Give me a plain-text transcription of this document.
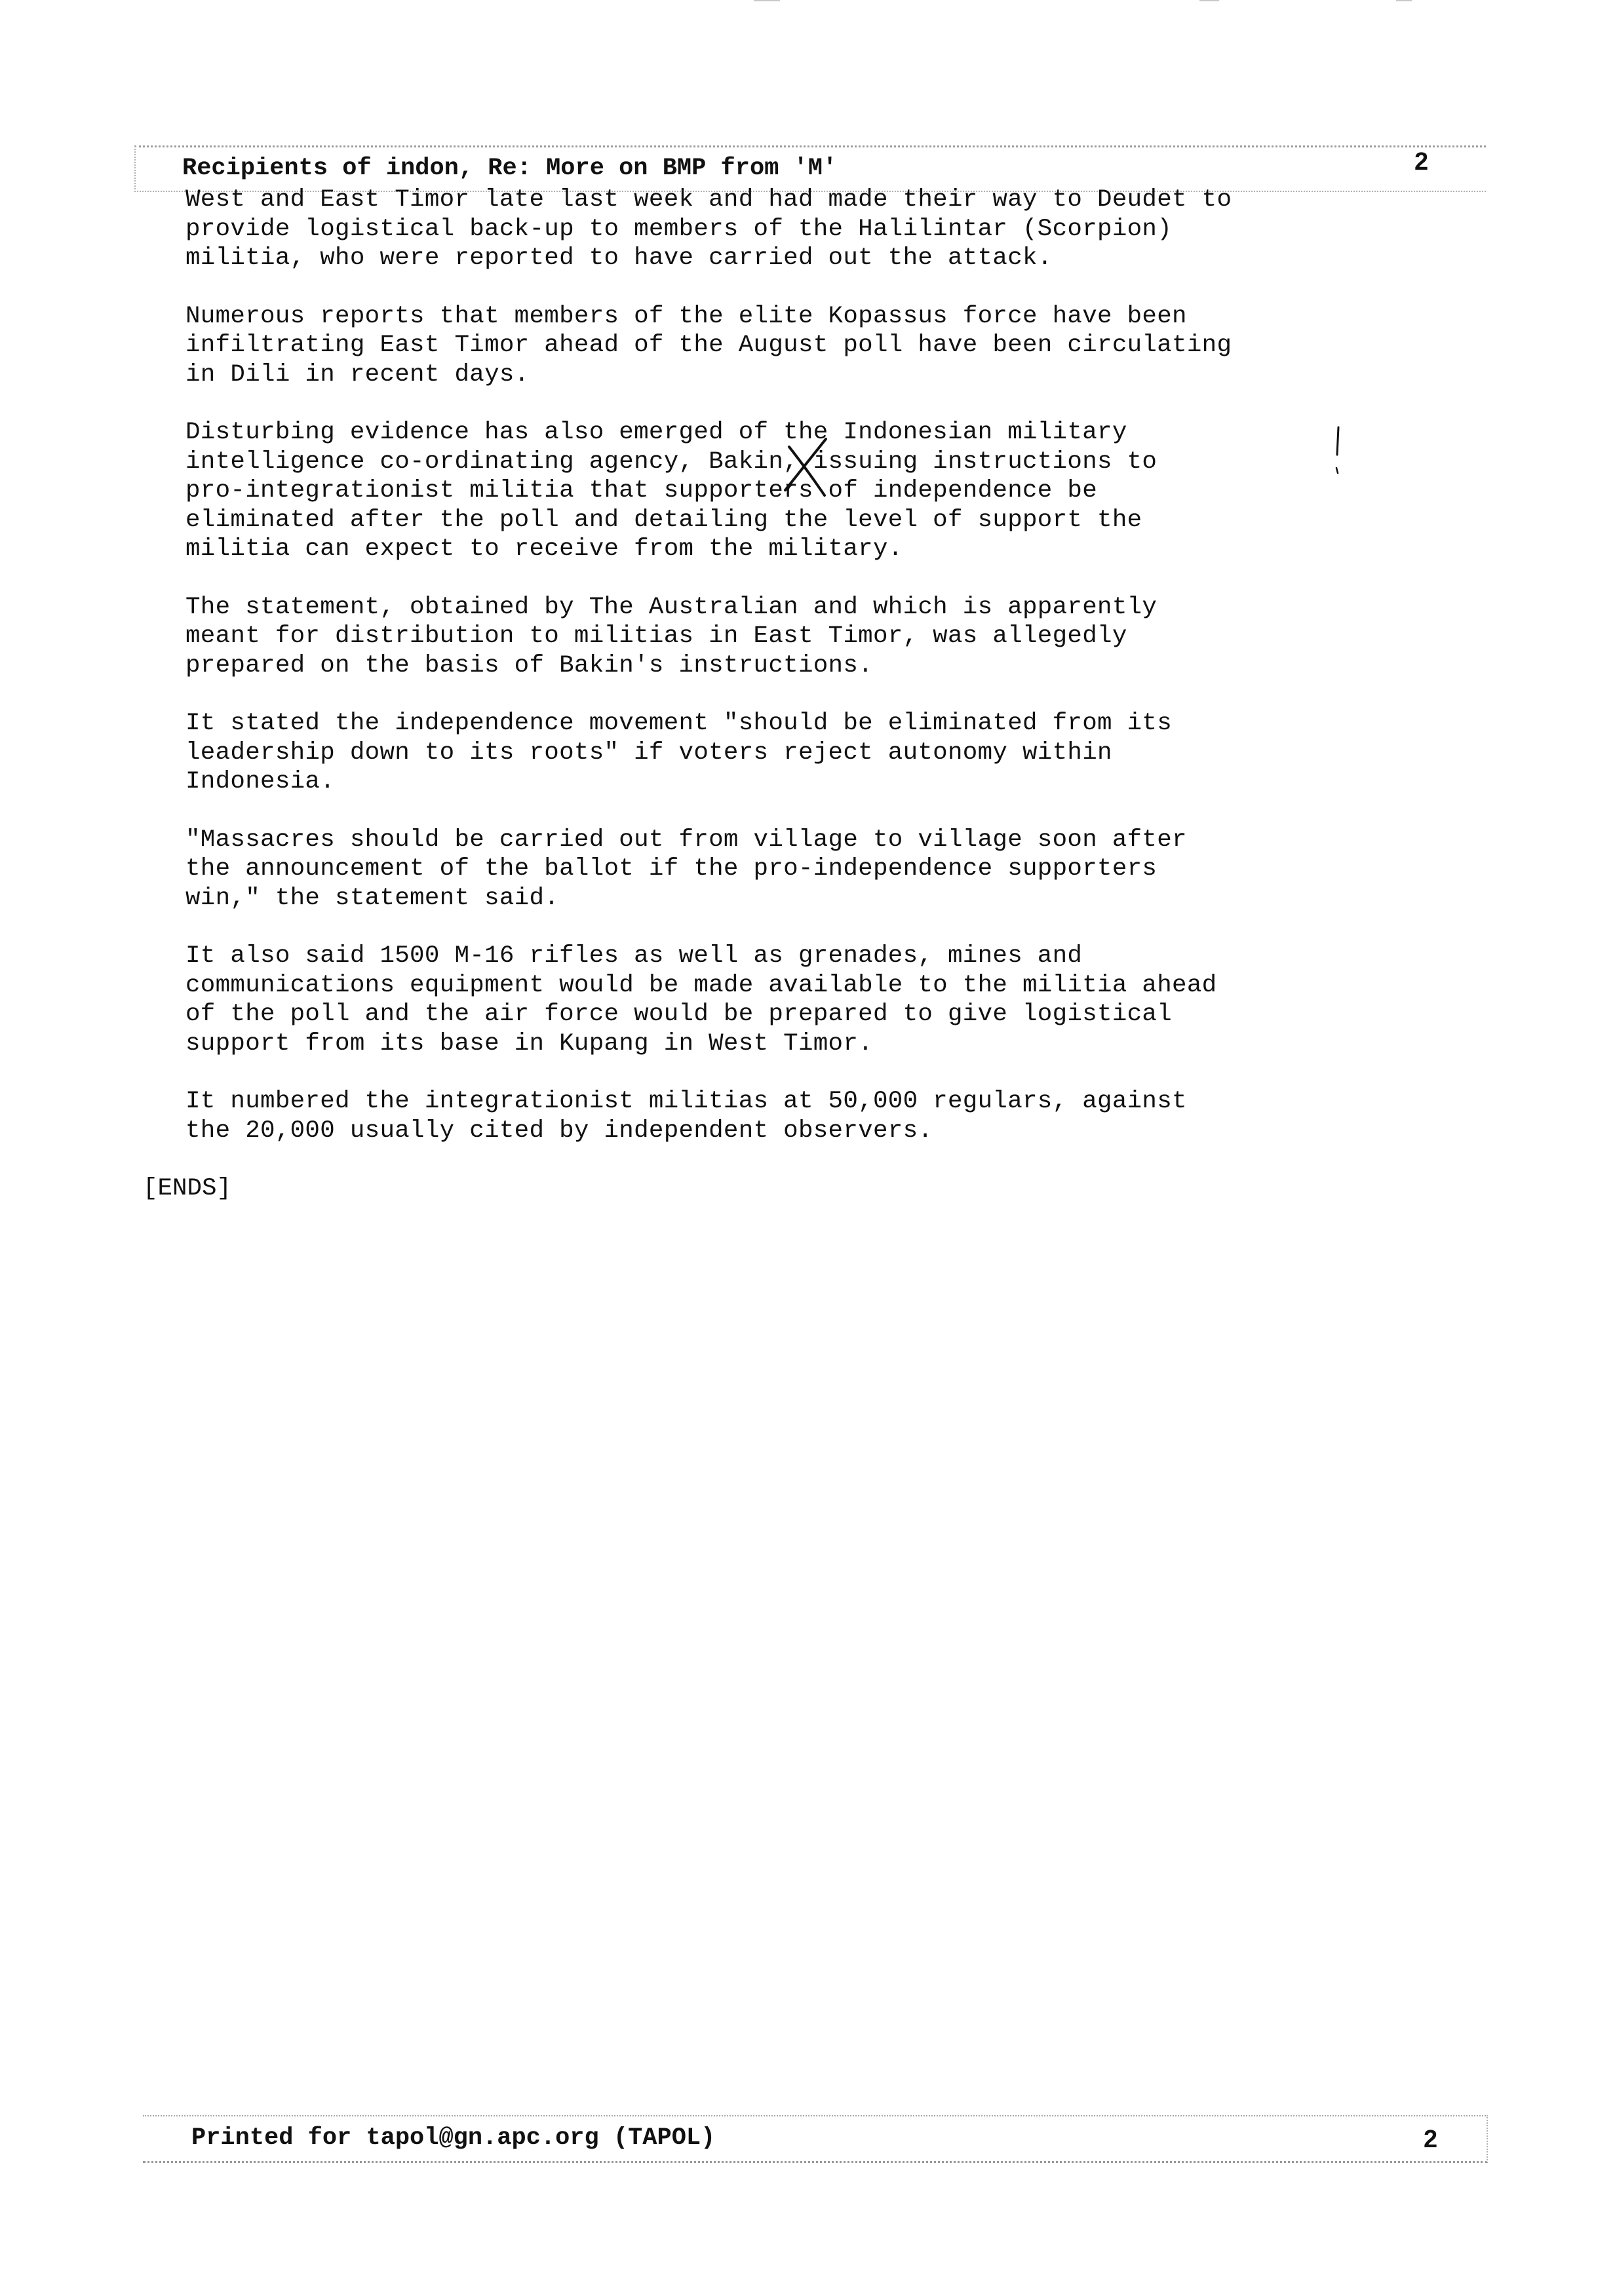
Recipients of indon, Re: More on BMP from 'M'	2

West and East Timor late last week and had made their way to Deudet to
provide logistical back-up to members of the Halilintar (Scorpion)
militia, who were reported to have carried out the attack.

Numerous reports that members of the elite Kopassus force have been
infiltrating East Timor ahead of the August poll have been circulating
in Dili in recent days.

Disturbing evidence has also emerged of the Indonesian military
intelligence co-ordinating agency, Bakin, issuing instructions to
pro-integrationist militia that supporters of independence be
eliminated after the poll and detailing the level of support the
militia can expect to receive from the military.

The statement, obtained by The Australian and which is apparently
meant for distribution to militias in East Timor, was allegedly
prepared on the basis of Bakin's instructions.

It stated the independence movement "should be eliminated from its
leadership down to its roots" if voters reject autonomy within
Indonesia.

"Massacres should be carried out from village to village soon after
the announcement of the ballot if the pro-independence supporters
win," the statement said.

It also said 1500 M-16 rifles as well as grenades, mines and
communications equipment would be made available to the militia ahead
of the poll and the air force would be prepared to give logistical
support from its base in Kupang in West Timor.

It numbered the integrationist militias at 50,000 regulars, against
the 20,000 usually cited by independent observers.

[ENDS]
Printed for tapol@gn.apc.org (TAPOL)	2
